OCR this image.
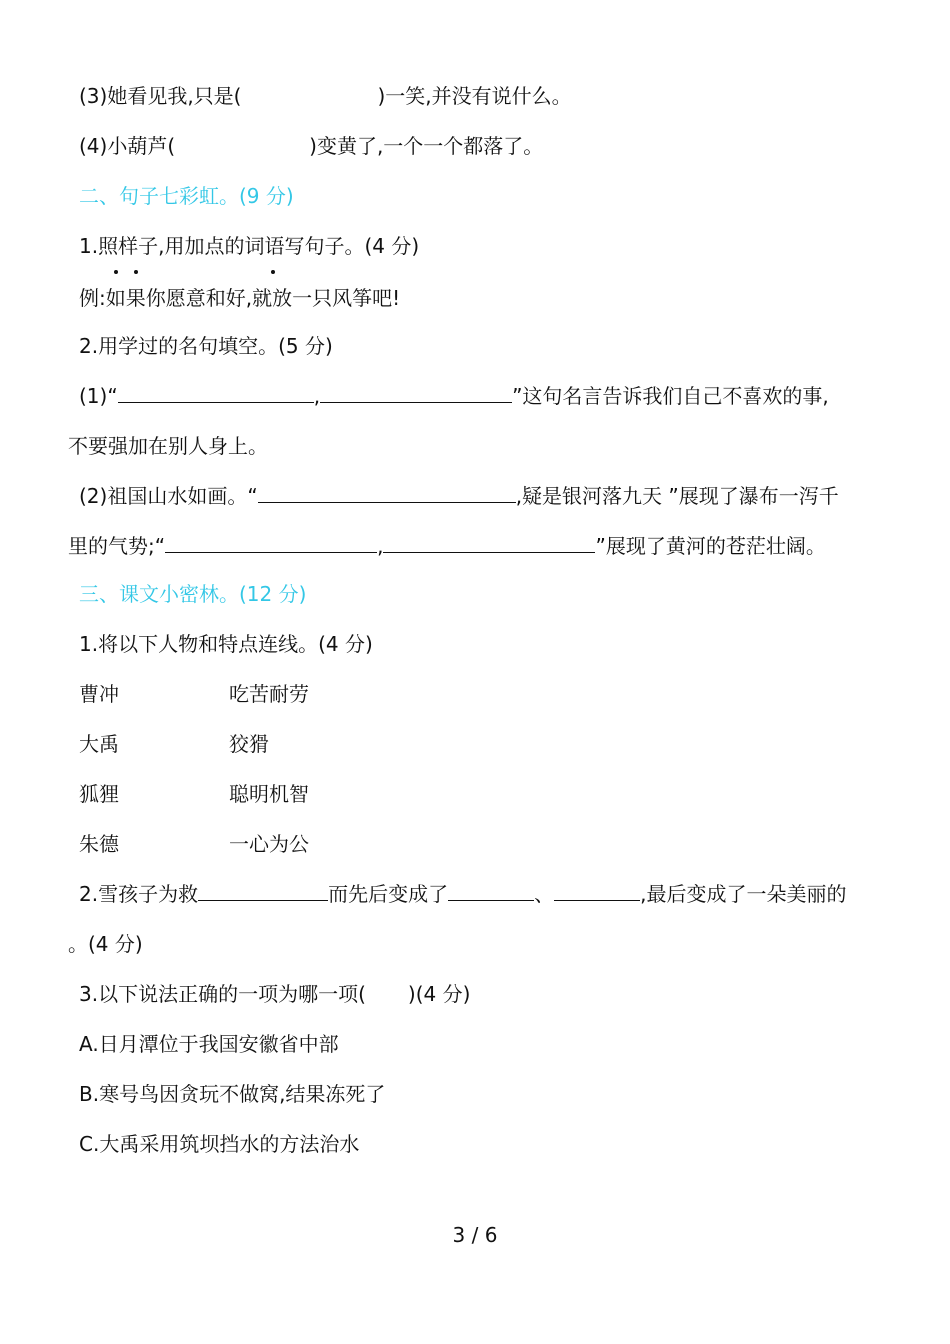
(3)她看见我,只是(	)一笑,并没有说什么。
(4)小葫芦(	)变黄了,一个一个都落了。
二、句子七彩虹。(9 分)
1.照样子,用加点的词语写句子。(4 分)
例:如果你愿意和好,就放一只风筝吧!
2.用学过的名句填空。(5 分)
(1)“	,	”这句名言告诉我们自己不喜欢的事,
不要强加在别人身上。
(2)祖国山水如画。“	,疑是银河落九天 ”展现了瀑布一泻千
里的气势;“	,	”展现了黄河的苍茫壮阔。
三、课文小密林。(12 分)
1.将以下人物和特点连线。(4 分)
曹冲	吃苦耐劳
大禹	狡猾
狐狸	聪明机智
朱德	一心为公
2.雪孩子为救	而先后变成了	、	,最后变成了一朵美丽的
。(4 分)
3.以下说法正确的一项为哪一项( )(4 分)
A.日月潭位于我国安徽省中部
B.寒号鸟因贪玩不做窝,结果冻死了
C.大禹采用筑坝挡水的方法治水
3 / 6
